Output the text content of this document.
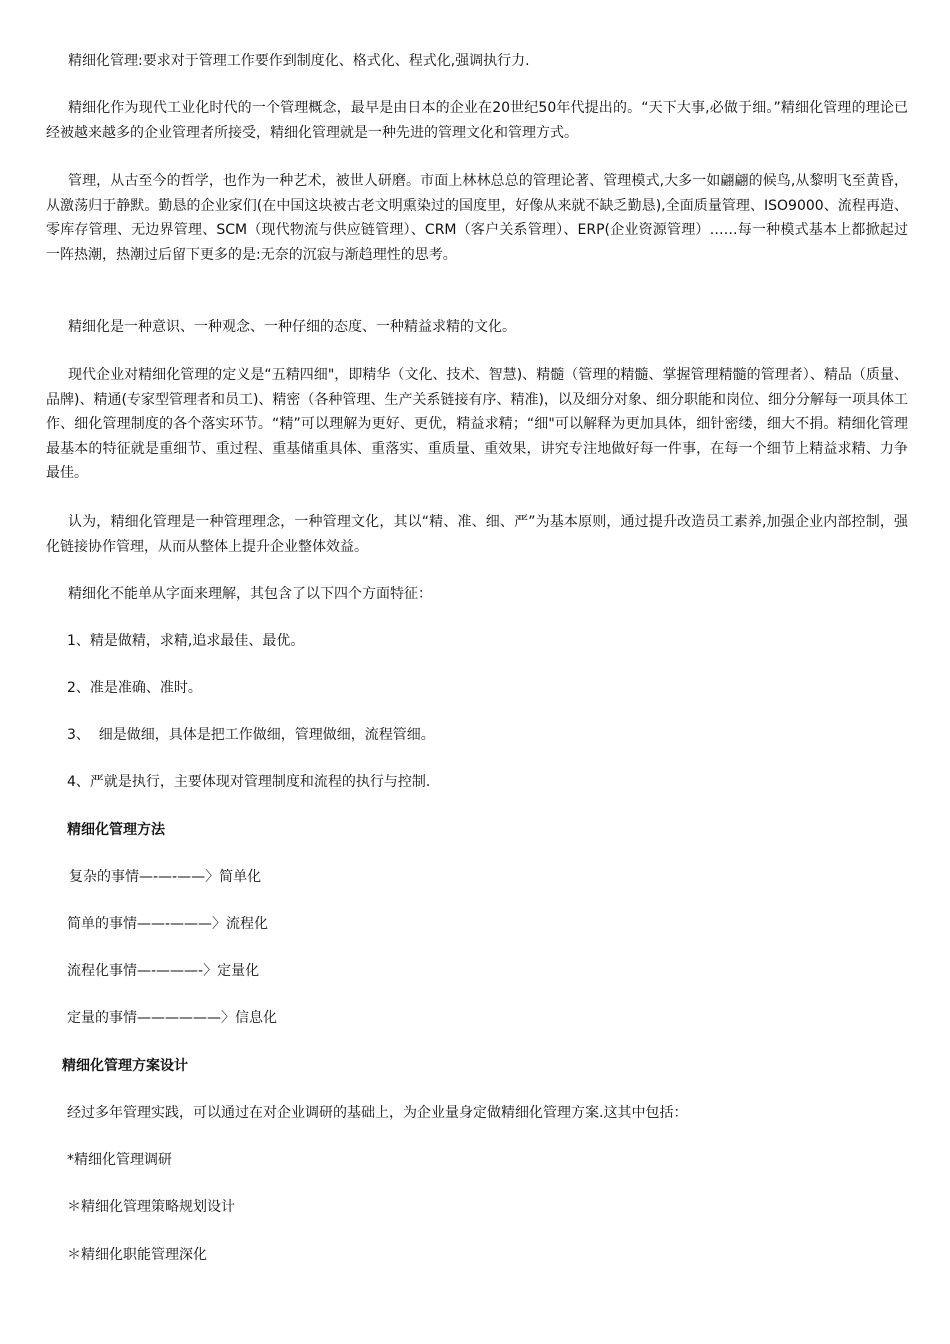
精细化管理:要求对于管理工作要作到制度化、格式化、程式化,强调执行力.

精细化作为现代工业化时代的一个管理概念，最早是由日本的企业在20世纪50年代提出的。“天下大事,必做于细。”精细化管理的理论已经被越来越多的企业管理者所接受，精细化管理就是一种先进的管理文化和管理方式。

管理，从古至今的哲学，也作为一种艺术，被世人研磨。市面上林林总总的管理论著、管理模式,大多一如翩翩的候鸟,从黎明飞至黄昏，从激荡归于静默。勤恳的企业家们(在中国这块被古老文明熏染过的国度里，好像从来就不缺乏勤恳),全面质量管理、ISO9000、流程再造、零库存管理、无边界管理、SCM（现代物流与供应链管理）、CRM（客户关系管理）、ERP(企业资源管理）……每一种模式基本上都掀起过一阵热潮，热潮过后留下更多的是:无奈的沉寂与渐趋理性的思考。

精细化是一种意识、一种观念、一种仔细的态度、一种精益求精的文化。

现代企业对精细化管理的定义是“五精四细"，即精华（文化、技术、智慧)、精髓（管理的精髓、掌握管理精髓的管理者）、精品（质量、品牌)、精通(专家型管理者和员工)、精密（各种管理、生产关系链接有序、精准)，以及细分对象、细分职能和岗位、细分分解每一项具体工作、细化管理制度的各个落实环节。“精”可以理解为更好、更优，精益求精；“细"可以解释为更加具体，细针密缕，细大不捐。精细化管理最基本的特征就是重细节、重过程、重基储重具体、重落实、重质量、重效果，讲究专注地做好每一件事，在每一个细节上精益求精、力争最佳。

认为，精细化管理是一种管理理念，一种管理文化，其以“精、准、细、严”为基本原则，通过提升改造员工素养,加强企业内部控制，强化链接协作管理，从而从整体上提升企业整体效益。

精细化不能单从字面来理解，其包含了以下四个方面特征：

1、精是做精，求精,追求最佳、最优。

2、准是准确、准时。

3、  细是做细，具体是把工作做细，管理做细，流程管细。

4、严就是执行，主要体现对管理制度和流程的执行与控制.

精细化管理方法

复杂的事情—-—-——〉简单化

简单的事情——-———〉流程化

流程化事情—-———-〉定量化

定量的事情——————〉信息化

精细化管理方案设计

经过多年管理实践，可以通过在对企业调研的基础上，为企业量身定做精细化管理方案.这其中包括：

*精细化管理调研

＊精细化管理策略规划设计

＊精细化职能管理深化
